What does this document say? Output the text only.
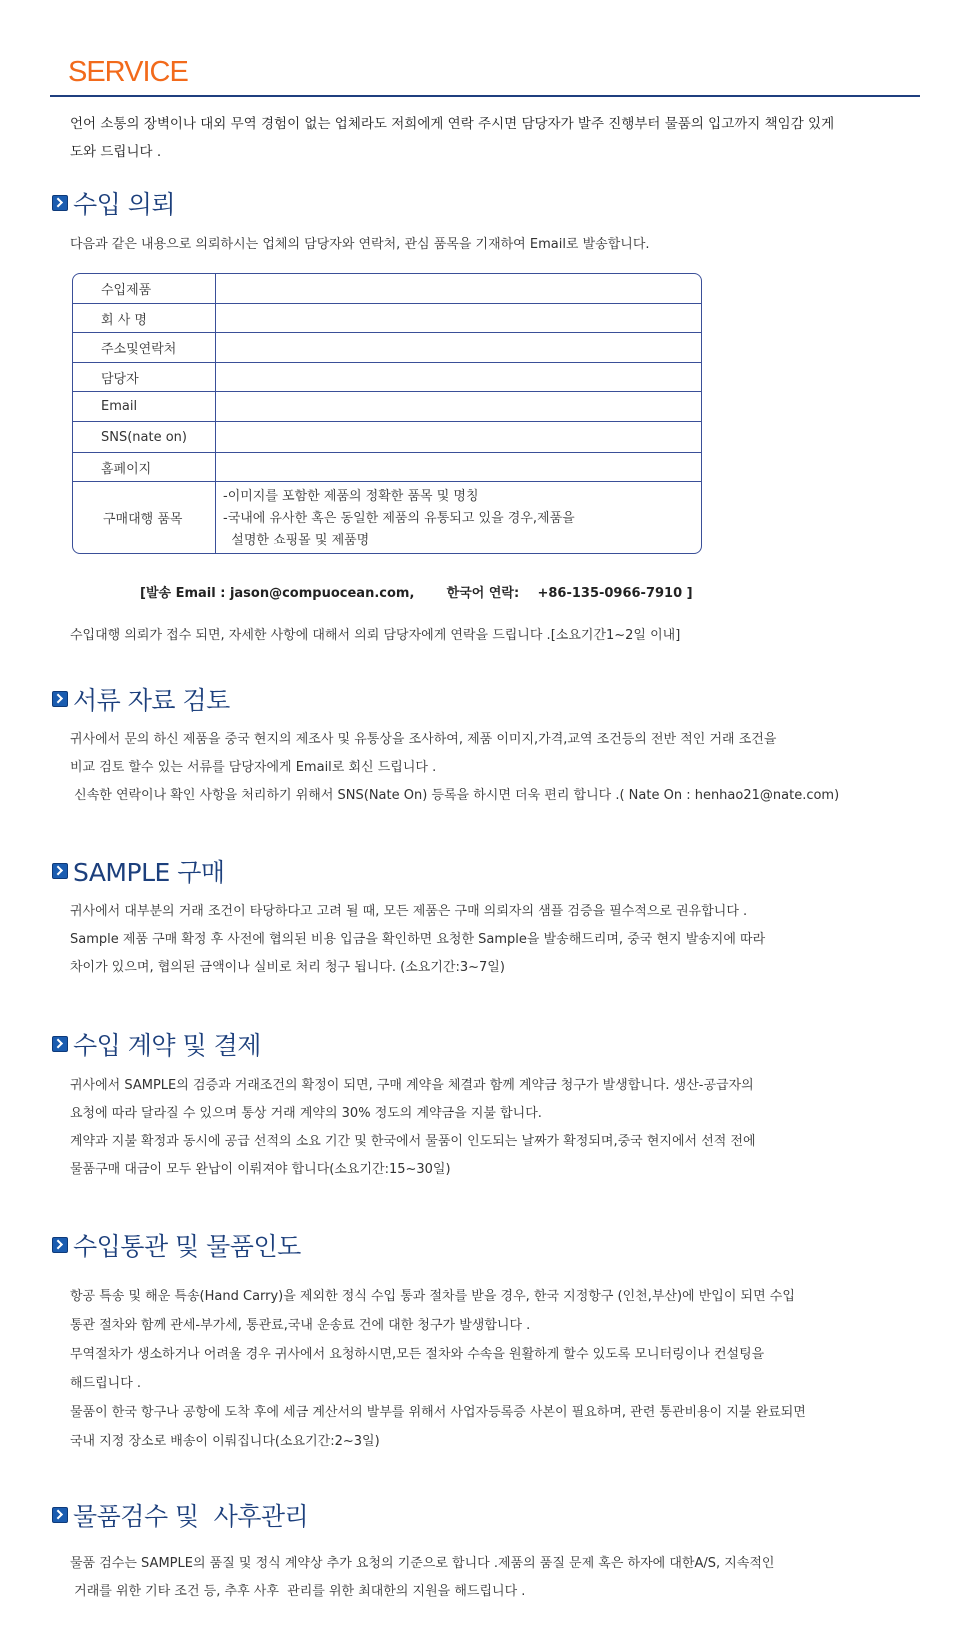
SERVICE
언어 소통의 장벽이나 대외 무역 경험이 없는 업체라도 저희에게 연락 주시면 담당자가 발주 진행부터 물품의 입고까지 책임감 있게
도와 드립니다 .
수입 의뢰
다음과 같은 내용으로 의뢰하시는 업체의 담당자와 연락처, 관심 품목을 기재하여 Email로 발송합니다.
수입제품
회 사 명
주소및연락처
담당자
Email
SNS(nate on)
홈페이지
구매대행 품목
-이미지를 포함한 제품의 정확한 품목 및 명칭
-국내에 유사한 혹은 동일한 제품의 유통되고 있을 경우,제품을
설명한 쇼핑몰 및 제품명
[발송 Email : jason@compuocean.com, 한국어 연락: +86-135-0966-7910 ]
수입대행 의뢰가 접수 되면, 자세한 사항에 대해서 의뢰 담당자에게 연락을 드립니다 .[소요기간1~2일 이내]
서류 자료 검토
귀사에서 문의 하신 제품을 중국 현지의 제조사 및 유통상을 조사하여, 제품 이미지,가격,교역 조건등의 전반 적인 거래 조건을
비교 검토 할수 있는 서류를 담당자에게 Email로 회신 드립니다 .
신속한 연락이나 확인 사항을 처리하기 위해서 SNS(Nate On) 등록을 하시면 더욱 편리 합니다 .( Nate On : henhao21@nate.com)
SAMPLE 구매
귀사에서 대부분의 거래 조건이 타당하다고 고려 될 때, 모든 제품은 구매 의뢰자의 샘플 검증을 필수적으로 권유합니다 .
Sample 제품 구매 확정 후 사전에 협의된 비용 입금을 확인하면 요청한 Sample을 발송해드리며, 중국 현지 발송지에 따라
차이가 있으며, 협의된 금액이나 실비로 처리 청구 됩니다. (소요기간:3~7일)
수입 계약 및 결제
귀사에서 SAMPLE의 검증과 거래조건의 확정이 되면, 구매 계약을 체결과 함께 계약금 청구가 발생합니다. 생산-공급자의
요청에 따라 달라질 수 있으며 통상 거래 계약의 30% 정도의 계약금을 지불 합니다.
계약과 지불 확정과 동시에 공급 선적의 소요 기간 및 한국에서 물품이 인도되는 날짜가 확정되며,중국 현지에서 선적 전에
물품구매 대금이 모두 완납이 이뤄져야 합니다(소요기간:15~30일)
수입통관 및 물품인도
항공 특송 및 해운 특송(Hand Carry)을 제외한 정식 수입 통과 절차를 받을 경우, 한국 지정항구 (인천,부산)에 반입이 되면 수입
통관 절차와 함께 관세-부가세, 통관료,국내 운송료 건에 대한 청구가 발생합니다 .
무역절차가 생소하거나 어려울 경우 귀사에서 요청하시면,모든 절차와 수속을 원활하게 할수 있도록 모니터링이나 컨설팅을
해드립니다 .
물품이 한국 항구나 공항에 도착 후에 세금 계산서의 발부를 위해서 사업자등록증 사본이 필요하며, 관련 통관비용이 지불 완료되면
국내 지정 장소로 배송이 이뤄집니다(소요기간:2~3일)
물품검수 및  사후관리
물품 검수는 SAMPLE의 품질 및 정식 계약상 추가 요청의 기준으로 합니다 .제품의 품질 문제 혹은 하자에 대한A/S, 지속적인
거래를 위한 기타 조건 등, 추후 사후  관리를 위한 최대한의 지원을 해드립니다 .
